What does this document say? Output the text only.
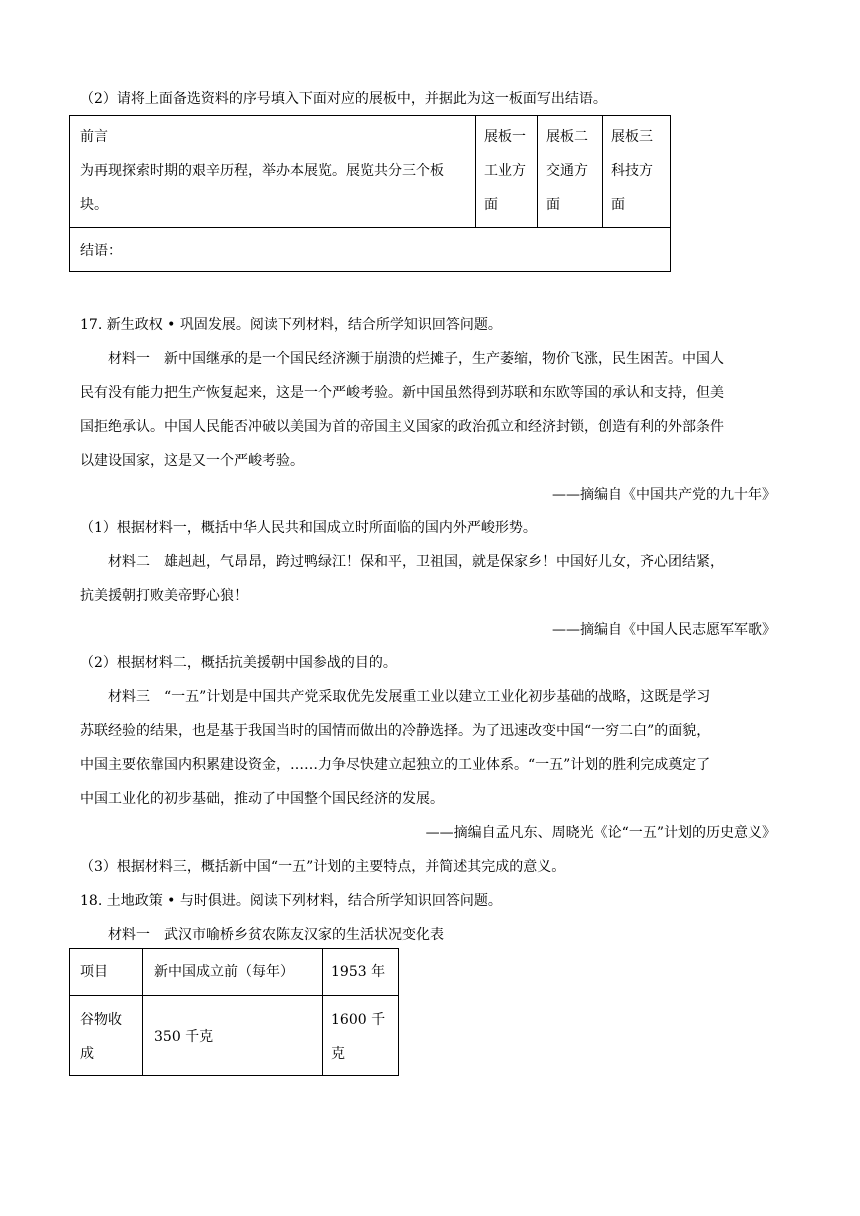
（2）请将上面备选资料的序号填入下面对应的展板中，并据此为这一板面写出结语。
前言
为再现探索时期的艰辛历程，举办本展览。展览共分三个板
块。
展板一
工业方
面
展板二
交通方
面
展板三
科技方
面
结语：
17. 新生政权 • 巩固发展。阅读下列材料，结合所学知识回答问题。
材料一　新中国继承的是一个国民经济濒于崩溃的烂摊子，生产萎缩，物价飞涨，民生困苦。中国人
民有没有能力把生产恢复起来，这是一个严峻考验。新中国虽然得到苏联和东欧等国的承认和支持，但美
国拒绝承认。中国人民能否冲破以美国为首的帝国主义国家的政治孤立和经济封锁，创造有利的外部条件
以建设国家，这是又一个严峻考验。
——摘编自《中国共产党的九十年》
（1）根据材料一，概括中华人民共和国成立时所面临的国内外严峻形势。
材料二　雄赳赳，气昂昂，跨过鸭绿江！保和平，卫祖国，就是保家乡！中国好儿女，齐心团结紧，
抗美援朝打败美帝野心狼！
——摘编自《中国人民志愿军军歌》
（2）根据材料二，概括抗美援朝中国参战的目的。
材料三　“一五”计划是中国共产党采取优先发展重工业以建立工业化初步基础的战略，这既是学习
苏联经验的结果，也是基于我国当时的国情而做出的冷静选择。为了迅速改变中国“一穷二白”的面貌，
中国主要依靠国内积累建设资金，……力争尽快建立起独立的工业体系。“一五”计划的胜利完成奠定了
中国工业化的初步基础，推动了中国整个国民经济的发展。
——摘编自孟凡东、周晓光《论“一五”计划的历史意义》
（3）根据材料三，概括新中国“一五”计划的主要特点，并简述其完成的意义。
18. 土地政策 • 与时俱进。阅读下列材料，结合所学知识回答问题。
材料一　武汉市喻桥乡贫农陈友汉家的生活状况变化表
项目	新中国成立前（每年）	1953 年
谷物收
成
350 千克
1600 千
克
